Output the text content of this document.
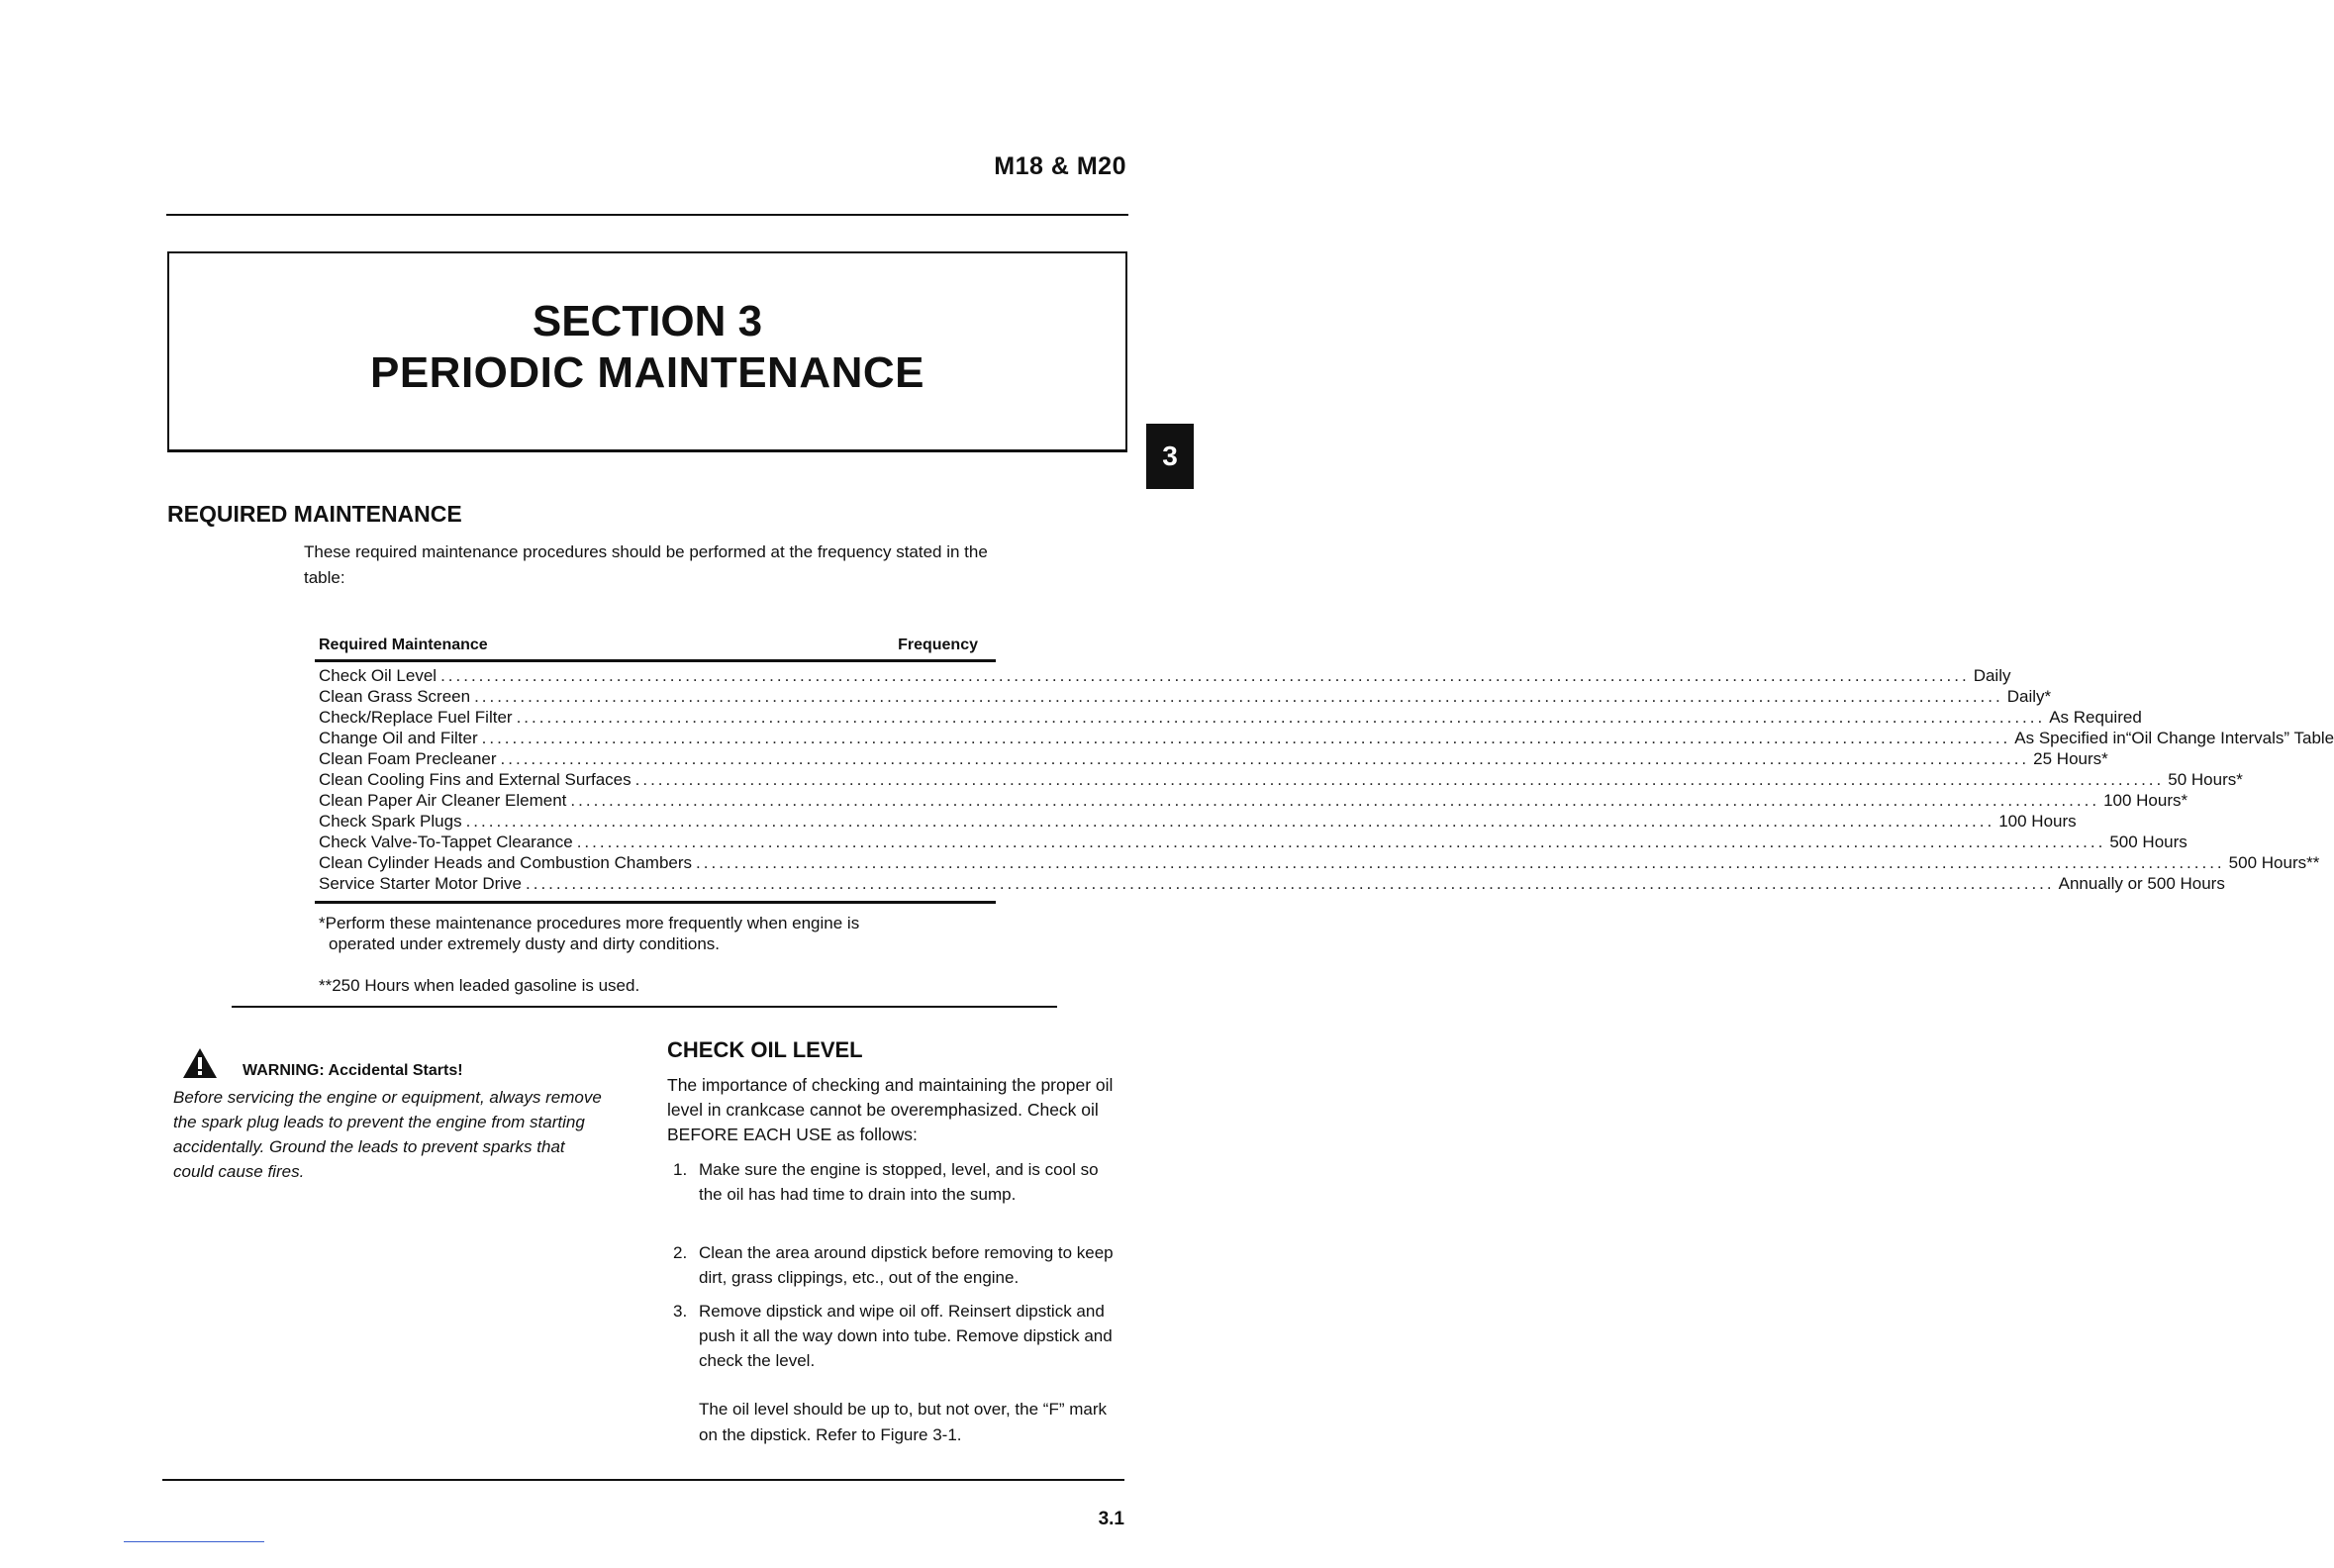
M18 & M20
SECTION 3
PERIODIC MAINTENANCE
3
REQUIRED MAINTENANCE
These required maintenance procedures should be performed at the frequency stated in the table:
Required Maintenance	Frequency
Check Oil Level ........................................................................................................................................................................................................ Daily
Clean Grass Screen ........................................................................................................................................................................................................ Daily*
Check/Replace Fuel Filter ........................................................................................................................................................................................................ As Required
Change Oil and Filter ........................................................................................................................................................................................................ As Specified in“Oil Change Intervals” Table
Clean Foam Precleaner ........................................................................................................................................................................................................ 25 Hours*
Clean Cooling Fins and External Surfaces ........................................................................................................................................................................................................ 50 Hours*
Clean Paper Air Cleaner Element ........................................................................................................................................................................................................ 100 Hours*
Check Spark Plugs ........................................................................................................................................................................................................ 100 Hours
Check Valve-To-Tappet Clearance ........................................................................................................................................................................................................ 500 Hours
Clean Cylinder Heads and Combustion Chambers ........................................................................................................................................................................................................ 500 Hours**
Service Starter Motor Drive ........................................................................................................................................................................................................ Annually or 500 Hours
*Perform these maintenance procedures more frequently when engine is
operated under extremely dusty and dirty conditions.
**250 Hours when leaded gasoline is used.
WARNING: Accidental Starts!
Before servicing the engine or equipment, always remove the spark plug leads to prevent the engine from starting accidentally. Ground the leads to prevent sparks that could cause fires.
CHECK OIL LEVEL
The importance of checking and maintaining the proper oil level in crankcase cannot be overemphasized. Check oil BEFORE EACH USE as follows:
1. Make sure the engine is stopped, level, and is cool so the oil has had time to drain into the sump.
2. Clean the area around dipstick before removing to keep dirt, grass clippings, etc., out of the engine.
3. Remove dipstick and wipe oil off. Reinsert dipstick and push it all the way down into tube. Remove dipstick and check the level.
The oil level should be up to, but not over, the “F” mark on the dipstick. Refer to Figure 3-1.
3.1
